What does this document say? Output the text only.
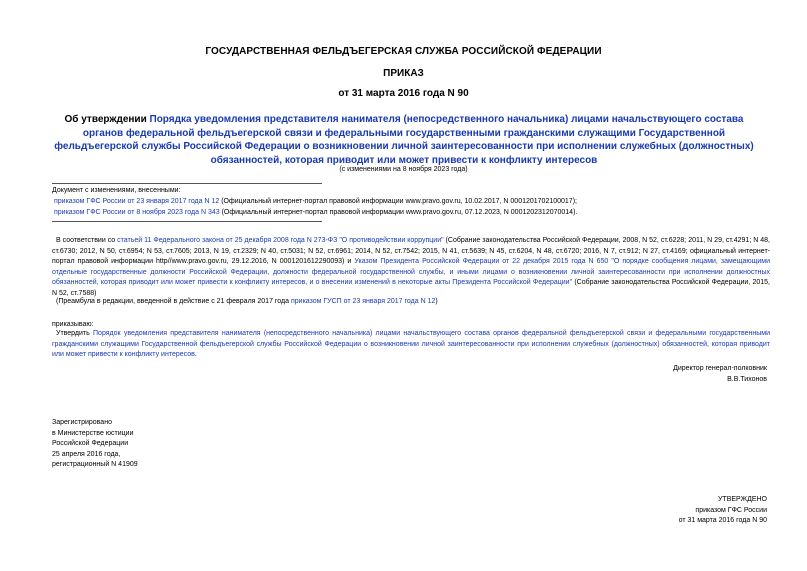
ГОСУДАРСТВЕННАЯ ФЕЛЬДЪЕГЕРСКАЯ СЛУЖБА РОССИЙСКОЙ ФЕДЕРАЦИИ
ПРИКАЗ
от 31 марта 2016 года N 90
Об утверждении Порядка уведомления представителя нанимателя (непосредственного начальника) лицами начальствующего состава органов федеральной фельдъегерской связи и федеральными государственными гражданскими служащими Государственной фельдъегерской службы Российской Федерации о возникновении личной заинтересованности при исполнении служебных (должностных) обязанностей, которая приводит или может привести к конфликту интересов
(с изменениями на 8 ноября 2023 года)
Документ с изменениями, внесенными:
приказом ГФС России от 23 января 2017 года N 12 (Официальный интернет-портал правовой информации www.pravo.gov.ru, 10.02.2017, N 0001201702100017);
приказом ГФС России от 8 ноября 2023 года N 343 (Официальный интернет-портал правовой информации www.pravo.gov.ru, 07.12.2023, N 0001202312070014).
В соответствии со статьей 11 Федерального закона от 25 декабря 2008 года N 273-ФЗ "О противодействии коррупции" (Собрание законодательства Российской Федерации, 2008, N 52, ст.6228; 2011, N 29, ст.4291; N 48, ст.6730; 2012, N 50, ст.6954; N 53, ст.7605; 2013, N 19, ст.2329; N 40, ст.5031; N 52, ст.6961; 2014, N 52, ст.7542; 2015, N 41, ст.5639; N 45, ст.6204, N 48, ст.6720; 2016, N 7, ст.912; N 27, ст.4169; официальный интернет-портал правовой информации http//www.pravo.gov.ru, 29.12.2016, N 0001201612290093) и Указом Президента Российской Федерации от 22 декабря 2015 года N 650 "О порядке сообщения лицами, замещающими отдельные государственные должности Российской Федерации, должности федеральной государственной службы, и иными лицами о возникновении личной заинтересованности при исполнении должностных обязанностей, которая приводит или может привести к конфликту интересов, и о внесении изменений в некоторые акты Президента Российской Федерации" (Собрание законодательства Российской Федерации, 2015, N 52, ст.7588)
(Преамбула в редакции, введенной в действие с 21 февраля 2017 года приказом ГУСП от 23 января 2017 года N 12)
приказываю:
Утвердить Порядок уведомления представителя нанимателя (непосредственного начальника) лицами начальствующего состава органов федеральной фельдъегерской связи и федеральными государственными гражданскими служащими Государственной фельдъегерской службы Российской Федерации о возникновении личной заинтересованности при исполнении служебных (должностных) обязанностей, которая приводит или может привести к конфликту интересов.
Директор генерал-полковник
В.В.Тихонов
Зарегистрировано
в Министерстве юстиции
Российской Федерации
25 апреля 2016 года,
регистрационный N 41909
УТВЕРЖДЕНО
приказом ГФС России
от 31 марта 2016 года N 90
